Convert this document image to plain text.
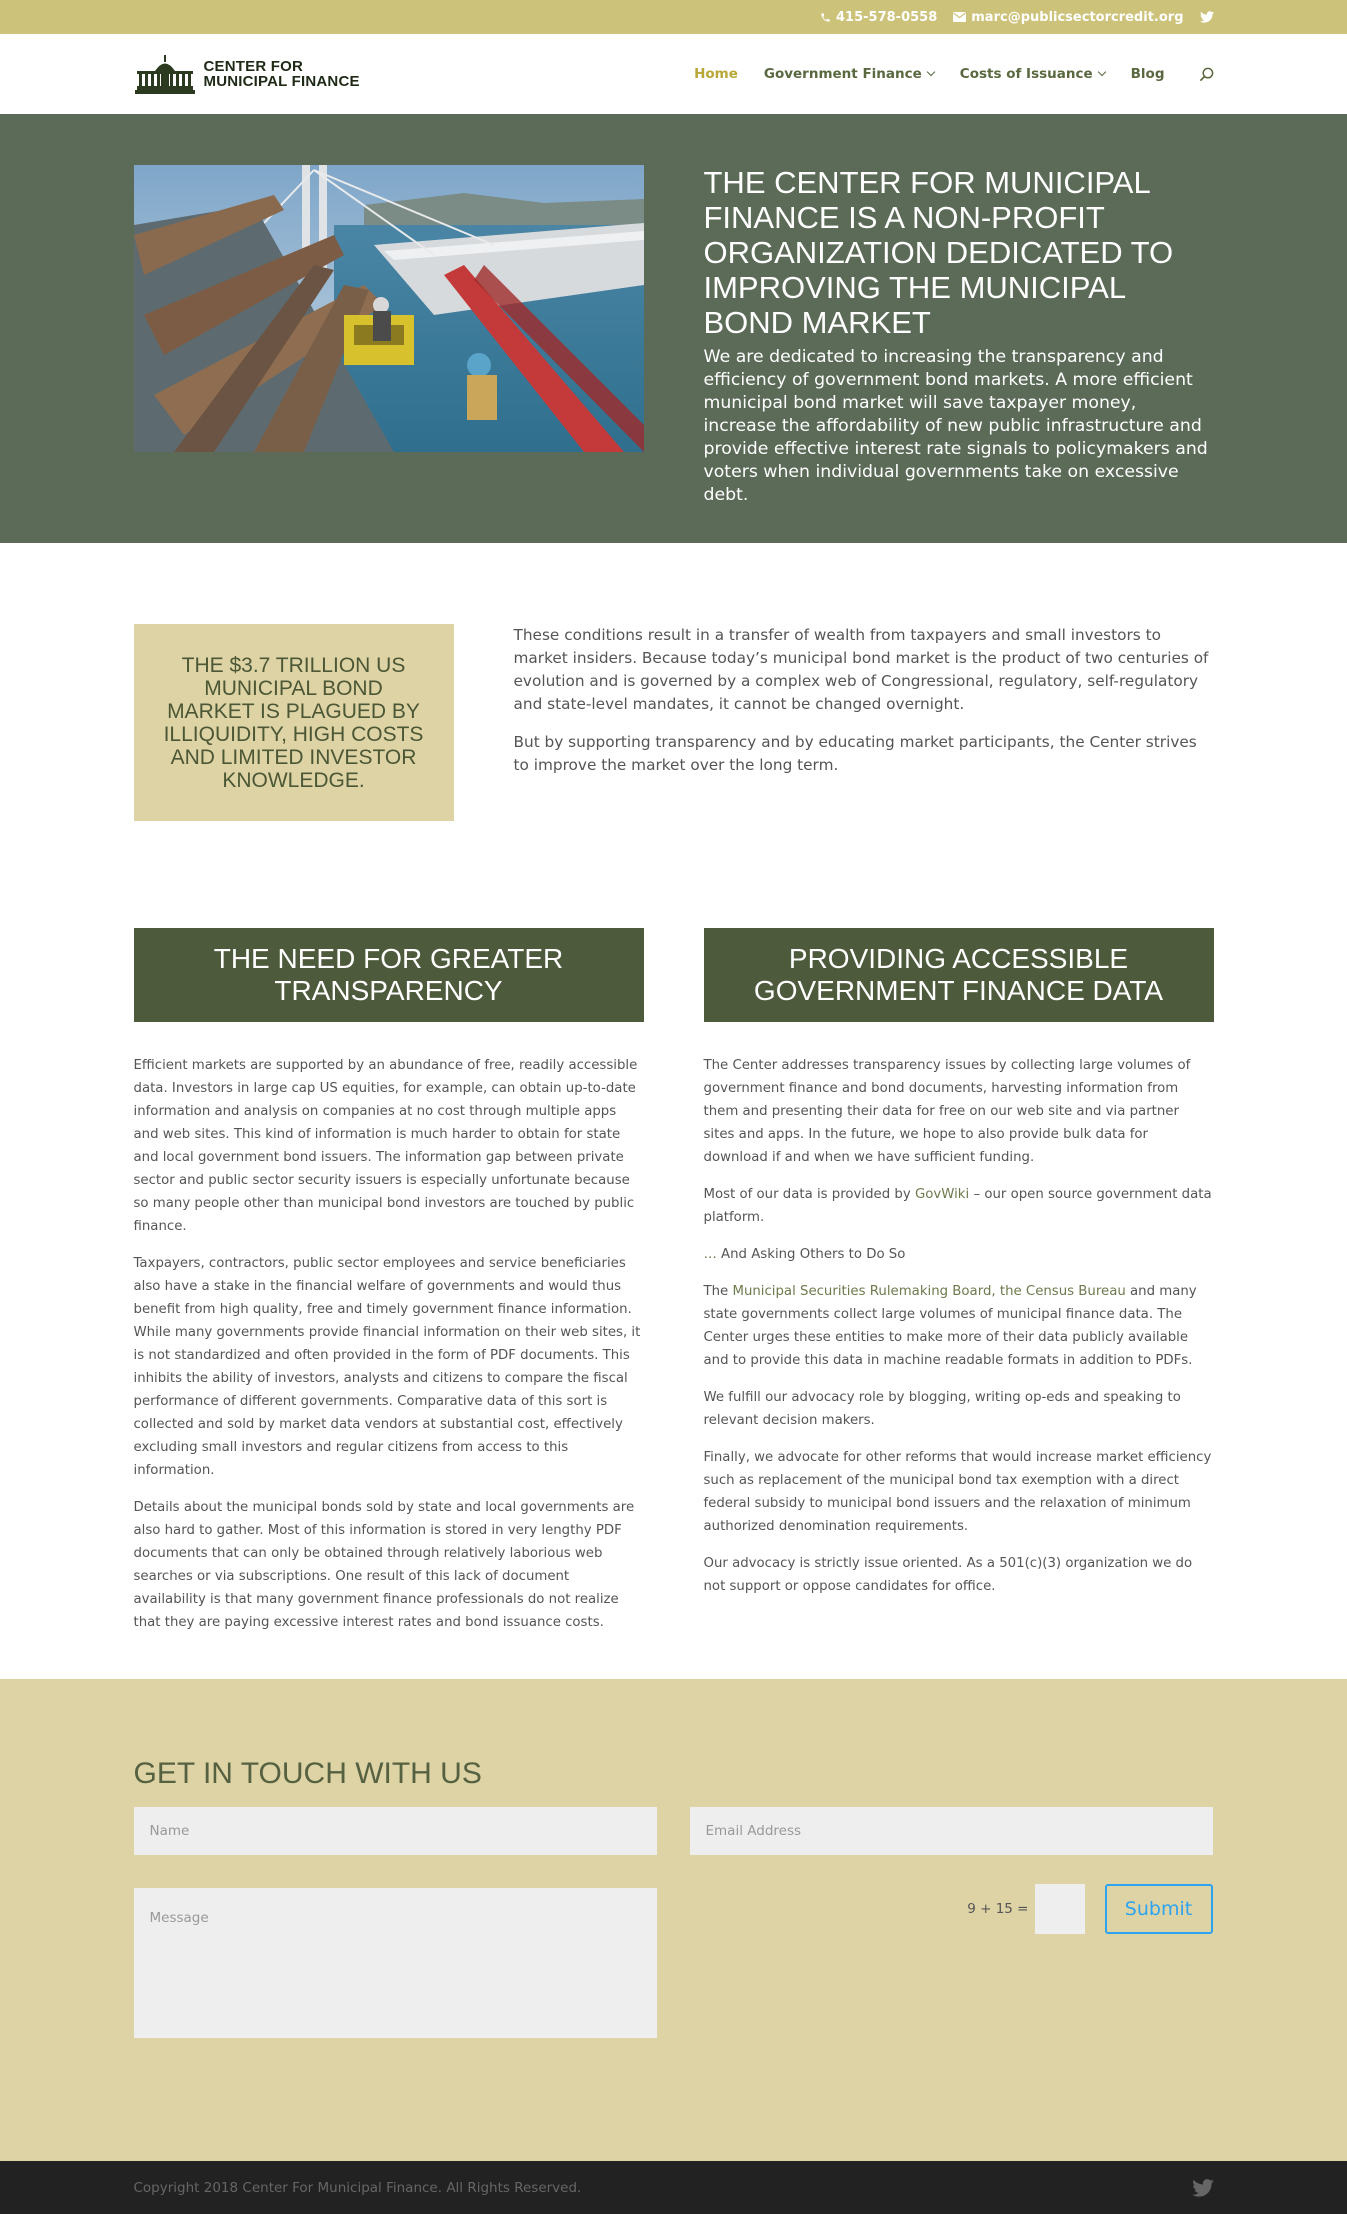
415-578-0558	marc@publicsectorcredit.org
CENTER FOR
MUNICIPAL FINANCE	Home Government Finance	Costs of Issuance	Blog
THE CENTER FOR MUNICIPAL FINANCE IS A NON-PROFIT ORGANIZATION DEDICATED TO IMPROVING THE MUNICIPAL BOND MARKET

We are dedicated to increasing the transparency and efficiency of government bond markets. A more efficient municipal bond market will save taxpayer money, increase the affordability of new public infrastructure and provide effective interest rate signals to policymakers and voters when individual governments take on excessive debt.

THE $3.7 TRILLION US MUNICIPAL BOND MARKET IS PLAGUED BY ILLIQUIDITY, HIGH COSTS AND LIMITED INVESTOR KNOWLEDGE.

These conditions result in a transfer of wealth from taxpayers and small investors to market insiders. Because today’s municipal bond market is the product of two centuries of evolution and is governed by a complex web of Congressional, regulatory, self-regulatory and state-level mandates, it cannot be changed overnight.

But by supporting transparency and by educating market participants, the Center strives to improve the market over the long term.

THE NEED FOR GREATER TRANSPARENCY

Efficient markets are supported by an abundance of free, readily accessible data. Investors in large cap US equities, for example, can obtain up-to-date information and analysis on companies at no cost through multiple apps and web sites. This kind of information is much harder to obtain for state and local government bond issuers. The information gap between private sector and public sector security issuers is especially unfortunate because so many people other than municipal bond investors are touched by public finance.

Taxpayers, contractors, public sector employees and service beneficiaries also have a stake in the financial welfare of governments and would thus benefit from high quality, free and timely government finance information. While many governments provide financial information on their web sites, it is not standardized and often provided in the form of PDF documents. This inhibits the ability of investors, analysts and citizens to compare the fiscal performance of different governments. Comparative data of this sort is collected and sold by market data vendors at substantial cost, effectively excluding small investors and regular citizens from access to this information.

Details about the municipal bonds sold by state and local governments are also hard to gather. Most of this information is stored in very lengthy PDF documents that can only be obtained through relatively laborious web searches or via subscriptions. One result of this lack of document availability is that many government finance professionals do not realize that they are paying excessive interest rates and bond issuance costs.

PROVIDING ACCESSIBLE GOVERNMENT FINANCE DATA

The Center addresses transparency issues by collecting large volumes of government finance and bond documents, harvesting information from them and presenting their data for free on our web site and via partner sites and apps. In the future, we hope to also provide bulk data for download if and when we have sufficient funding.

Most of our data is provided by GovWiki – our open source government data platform.

… And Asking Others to Do So

The Municipal Securities Rulemaking Board, the Census Bureau and many state governments collect large volumes of municipal finance data. The Center urges these entities to make more of their data publicly available and to provide this data in machine readable formats in addition to PDFs.

We fulfill our advocacy role by blogging, writing op-eds and speaking to relevant decision makers.

Finally, we advocate for other reforms that would increase market efficiency such as replacement of the municipal bond tax exemption with a direct federal subsidy to municipal bond issuers and the relaxation of minimum authorized denomination requirements.

Our advocacy is strictly issue oriented. As a 501(c)(3) organization we do not support or oppose candidates for office.

GET IN TOUCH WITH US
Name
Message
Email Address
9 + 15 =	Submit
Copyright 2018 Center For Municipal Finance. All Rights Reserved.
